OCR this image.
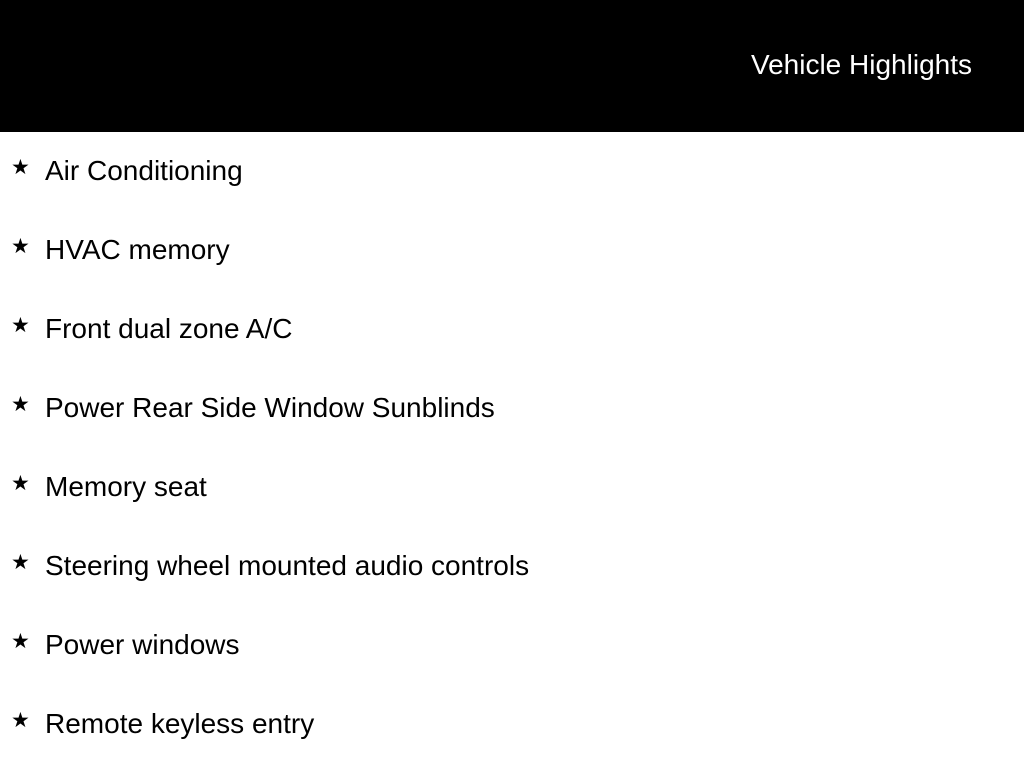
Vehicle Highlights
★ Air Conditioning
★ HVAC memory
★ Front dual zone A/C
★ Power Rear Side Window Sunblinds
★ Memory seat
★ Steering wheel mounted audio controls
★ Power windows
★ Remote keyless entry
